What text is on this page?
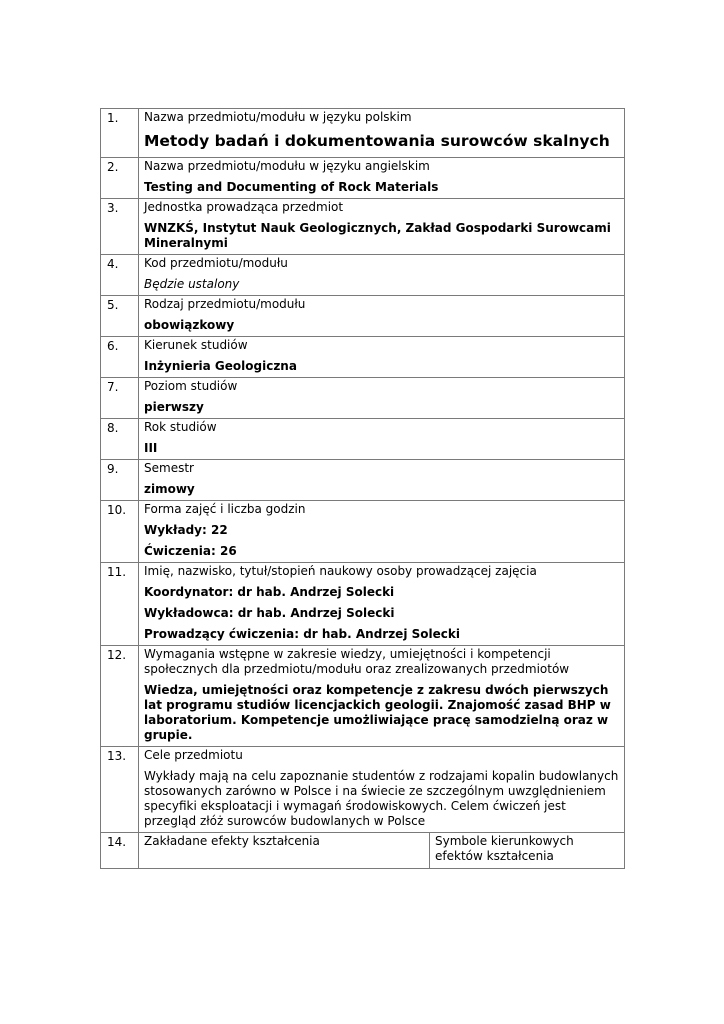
1.	Nazwa przedmiotu/modułu w języku polskim
Metody badań i dokumentowania surowców skalnych	

2.	Nazwa przedmiotu/modułu w języku angielskim
Testing and Documenting of Rock Materials	

3.	Jednostka prowadząca przedmiot
WNZKŚ, Instytut Nauk Geologicznych, Zakład Gospodarki Surowcami Mineralnymi	

4.	Kod przedmiotu/modułu
Będzie ustalony	

5.	Rodzaj przedmiotu/modułu
obowiązkowy	

6.	Kierunek studiów
Inżynieria Geologiczna	

7.	Poziom studiów
pierwszy	

8.	Rok studiów
III	

9.	Semestr
zimowy	

10.	Forma zajęć i liczba godzin
Wykłady: 22
Ćwiczenia: 26	

11.	Imię, nazwisko, tytuł/stopień naukowy osoby prowadzącej zajęcia
Koordynator: dr hab. Andrzej Solecki
Wykładowca: dr hab. Andrzej Solecki
Prowadzący ćwiczenia: dr hab. Andrzej Solecki	

12.	Wymagania wstępne w zakresie wiedzy, umiejętności i kompetencji społecznych dla przedmiotu/modułu oraz zrealizowanych przedmiotów
Wiedza, umiejętności oraz kompetencje z zakresu dwóch pierwszych lat programu studiów licencjackich geologii. Znajomość zasad BHP w laboratorium. Kompetencje umożliwiające pracę samodzielną oraz w grupie.	

13.	Cele przedmiotu
Wykłady mają na celu zapoznanie studentów z rodzajami kopalin budowlanych stosowanych zarówno w Polsce i na świecie ze szczególnym uwzględnieniem specyfiki eksploatacji i wymagań środowiskowych. Celem ćwiczeń jest przegląd złóż surowców budowlanych w Polsce	

14.	Zakładane efekty kształcenia	Symbole kierunkowych efektów kształcenia
